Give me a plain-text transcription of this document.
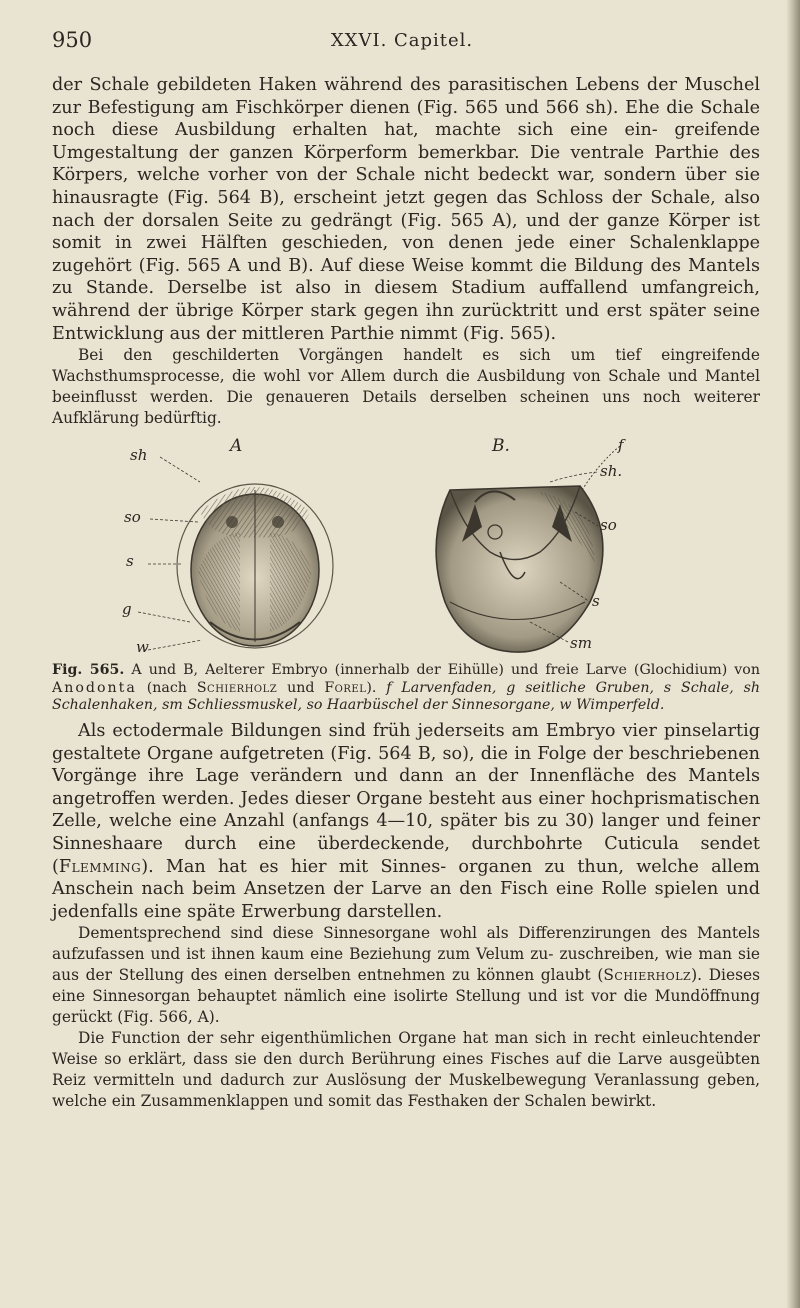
950	XXVI. Capitel.

der Schale gebildeten Haken während des parasitischen Lebens der Muschel zur Befestigung am Fischkörper dienen (Fig. 565 und 566 sh). Ehe die Schale noch diese Ausbildung erhalten hat, machte sich eine ein- greifende Umgestaltung der ganzen Körperform bemerkbar. Die ventrale Parthie des Körpers, welche vorher von der Schale nicht bedeckt war, sondern über sie hinausragte (Fig. 564 B), erscheint jetzt gegen das Schloss der Schale, also nach der dorsalen Seite zu gedrängt (Fig. 565 A), und der ganze Körper ist somit in zwei Hälften geschieden, von denen jede einer Schalenklappe zugehört (Fig. 565 A und B). Auf diese Weise kommt die Bildung des Mantels zu Stande. Derselbe ist also in diesem Stadium auffallend umfangreich, während der übrige Körper stark gegen ihn zurücktritt und erst später seine Entwicklung aus der mittleren Parthie nimmt (Fig. 565).

Bei den geschilderten Vorgängen handelt es sich um tief eingreifende Wachsthumsprocesse, die wohl vor Allem durch die Ausbildung von Schale und Mantel beeinflusst werden. Die genaueren Details derselben scheinen uns noch weiterer Aufklärung bedürftig.

sh	A
so
s
g
w
B.	f
sh.
so
s
sm
Fig. 565. A und B, Aelterer Embryo (innerhalb der Eihülle) und freie Larve (Glochidium) von Anodonta (nach Schierholz und Forel). f Larvenfaden, g seitliche Gruben, s Schale, sh Schalenhaken, sm Schliessmuskel, so Haarbüschel der Sinnesorgane, w Wimperfeld.

Als ectodermale Bildungen sind früh jederseits am Embryo vier pinselartig gestaltete Organe aufgetreten (Fig. 564 B, so), die in Folge der beschriebenen Vorgänge ihre Lage verändern und dann an der Innenfläche des Mantels angetroffen werden. Jedes dieser Organe besteht aus einer hochprismatischen Zelle, welche eine Anzahl (anfangs 4—10, später bis zu 30) langer und feiner Sinneshaare durch eine überdeckende, durchbohrte Cuticula sendet (Flemming). Man hat es hier mit Sinnes- organen zu thun, welche allem Anschein nach beim Ansetzen der Larve an den Fisch eine Rolle spielen und jedenfalls eine späte Erwerbung darstellen.

Dementsprechend sind diese Sinnesorgane wohl als Differenzirungen des Mantels aufzufassen und ist ihnen kaum eine Beziehung zum Velum zu- zuschreiben, wie man sie aus der Stellung des einen derselben entnehmen zu können glaubt (Schierholz). Dieses eine Sinnesorgan behauptet nämlich eine isolirte Stellung und ist vor die Mundöffnung gerückt (Fig. 566, A).

Die Function der sehr eigenthümlichen Organe hat man sich in recht einleuchtender Weise so erklärt, dass sie den durch Berührung eines Fisches auf die Larve ausgeübten Reiz vermitteln und dadurch zur Auslösung der Muskelbewegung Veranlassung geben, welche ein Zusammenklappen und somit das Festhaken der Schalen bewirkt.
